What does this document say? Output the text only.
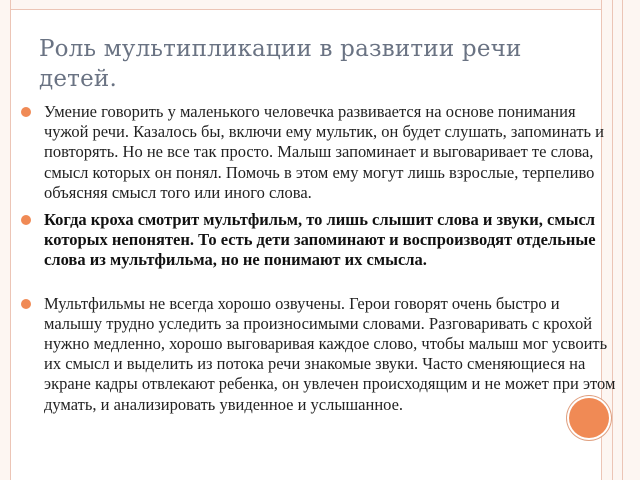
Роль мультипликации в развитии речи детей.

Умение говорить у маленького человечка развивается на основе понимания чужой речи. Казалось бы, включи ему мультик, он будет слушать, запоминать и повторять. Но не все так просто. Малыш запоминает и выговаривает те слова, смысл которых он понял. Помочь в этом ему могут лишь взрослые, терпеливо объясняя смысл того или иного слова.

Когда кроха смотрит мультфильм, то лишь слышит слова и звуки, смысл которых непонятен. То есть дети запоминают и воспроизводят отдельные слова из мультфильма, но не понимают их смысла.

Мультфильмы не всегда хорошо озвучены. Герои говорят очень быстро и малышу трудно уследить за произносимыми словами. Разговаривать с крохой нужно медленно, хорошо выговаривая каждое слово, чтобы малыш мог усвоить их смысл и выделить из потока речи знакомые звуки. Часто сменяющиеся на экране кадры отвлекают ребенка, он увлечен происходящим и не может при этом думать, и анализировать увиденное и услышанное.
